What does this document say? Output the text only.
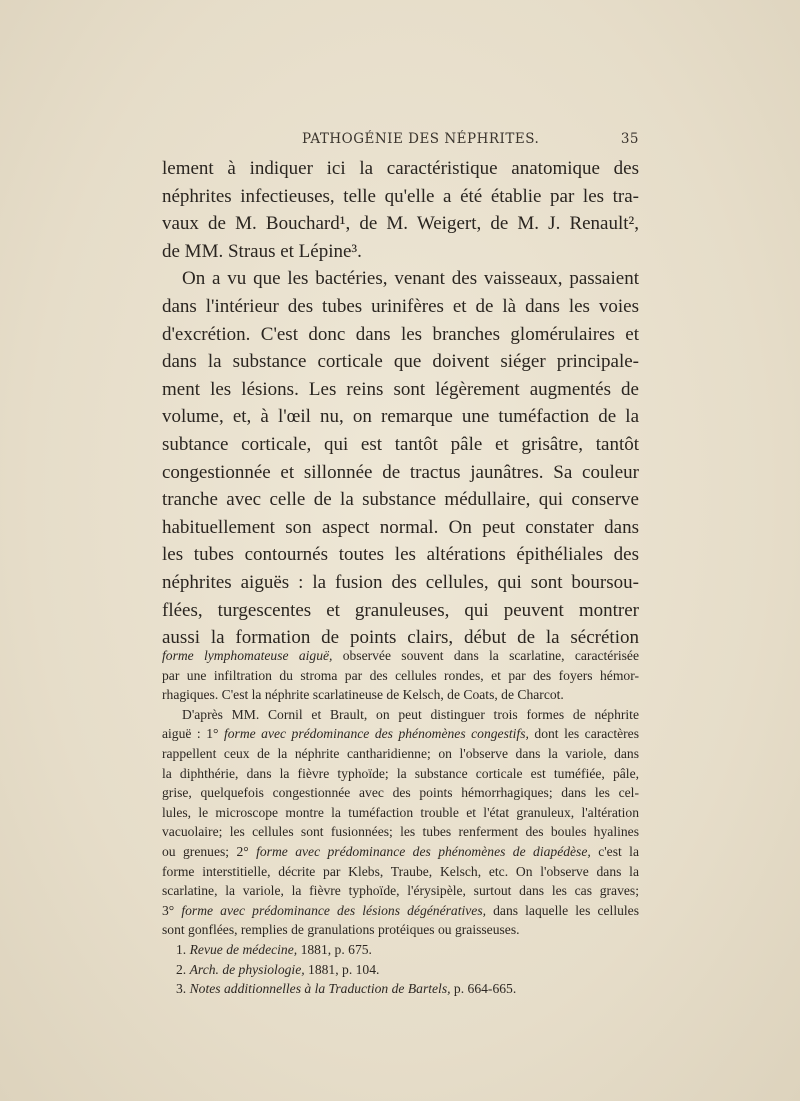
PATHOGÉNIE DES NÉPHRITES.	35
lement à indiquer ici la caractéristique anatomique des
néphrites infectieuses, telle qu'elle a été établie par les tra-
vaux de M. Bouchard¹, de M. Weigert, de M. J. Renault²,
de MM. Straus et Lépine³.
On a vu que les bactéries, venant des vaisseaux, passaient
dans l'intérieur des tubes urinifères et de là dans les voies
d'excrétion. C'est donc dans les branches glomérulaires et
dans la substance corticale que doivent siéger principale-
ment les lésions. Les reins sont légèrement augmentés de
volume, et, à l'œil nu, on remarque une tuméfaction de la
subtance corticale, qui est tantôt pâle et grisâtre, tantôt
congestionnée et sillonnée de tractus jaunâtres. Sa couleur
tranche avec celle de la substance médullaire, qui conserve
habituellement son aspect normal. On peut constater dans
les tubes contournés toutes les altérations épithéliales des
néphrites aiguës : la fusion des cellules, qui sont boursou-
flées, turgescentes et granuleuses, qui peuvent montrer
aussi la formation de points clairs, début de la sécrétion
forme lymphomateuse aiguë, observée souvent dans la scarlatine, caractérisée
par une infiltration du stroma par des cellules rondes, et par des foyers hémor-
rhagiques. C'est la néphrite scarlatineuse de Kelsch, de Coats, de Charcot.
D'après MM. Cornil et Brault, on peut distinguer trois formes de néphrite
aiguë : 1° forme avec prédominance des phénomènes congestifs, dont les caractères
rappellent ceux de la néphrite cantharidienne; on l'observe dans la variole, dans
la diphthérie, dans la fièvre typhoïde; la substance corticale est tuméfiée, pâle,
grise, quelquefois congestionnée avec des points hémorrhagiques; dans les cel-
lules, le microscope montre la tuméfaction trouble et l'état granuleux, l'altération
vacuolaire; les cellules sont fusionnées; les tubes renferment des boules hyalines
ou grenues; 2° forme avec prédominance des phénomènes de diapédèse, c'est la
forme interstitielle, décrite par Klebs, Traube, Kelsch, etc. On l'observe dans la
scarlatine, la variole, la fièvre typhoïde, l'érysipèle, surtout dans les cas graves;
3° forme avec prédominance des lésions dégénératives, dans laquelle les cellules
sont gonflées, remplies de granulations protéiques ou graisseuses.
1. Revue de médecine, 1881, p. 675.
2. Arch. de physiologie, 1881, p. 104.
3. Notes additionnelles à la Traduction de Bartels, p. 664-665.
